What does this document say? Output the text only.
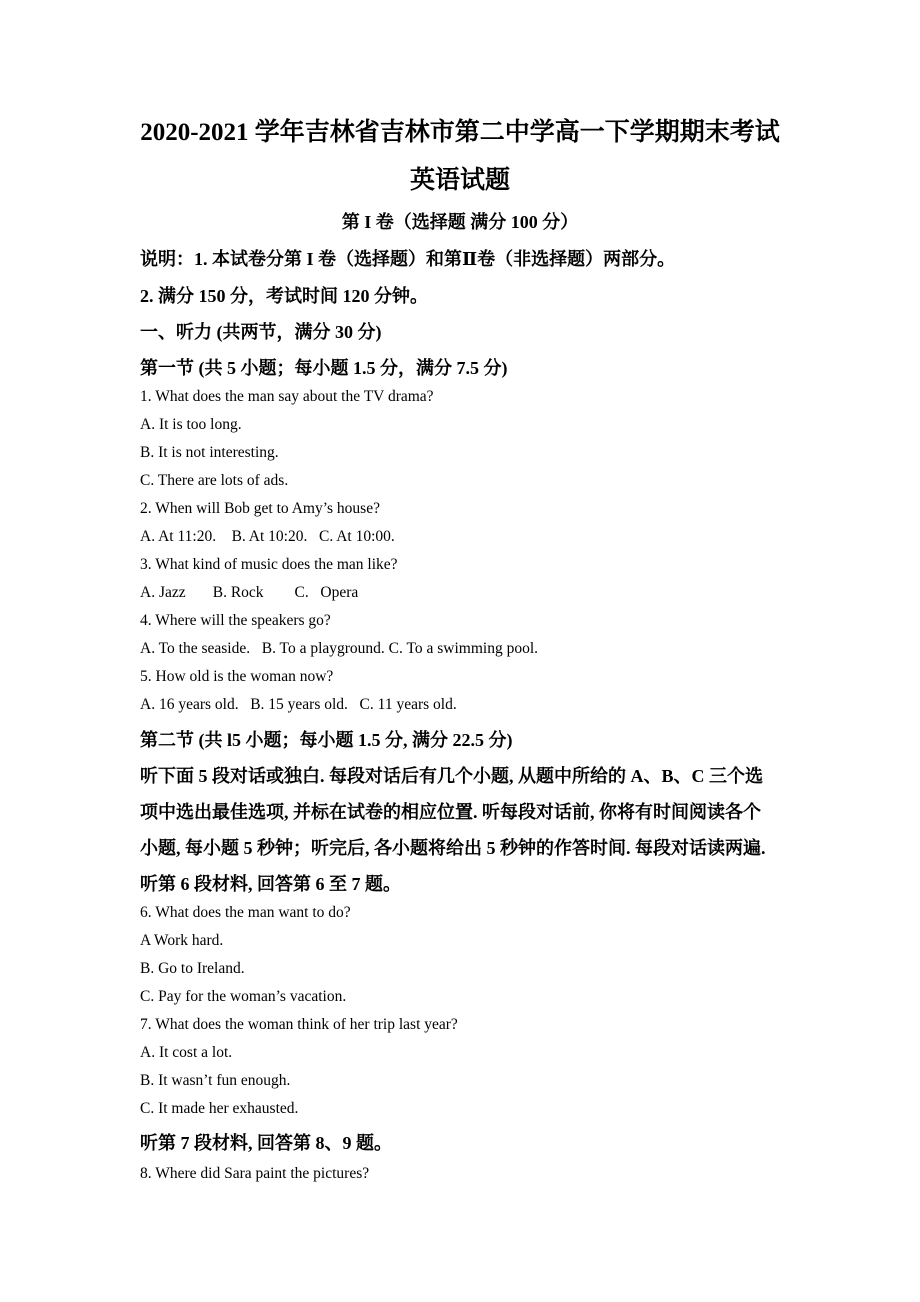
2020-2021 学年吉林省吉林市第二中学高一下学期期末考试
英语试题
第 I 卷（选择题 满分 100 分）
说明：1. 本试卷分第 I 卷（选择题）和第Ⅱ卷（非选择题）两部分。
2. 满分 150 分，考试时间 120 分钟。
一、听力 (共两节，满分 30 分)
第一节 (共 5 小题；每小题 1.5 分，满分 7.5 分)
1. What does the man say about the TV drama?
A. It is too long.
B. It is not interesting.
C. There are lots of ads.
2. When will Bob get to Amy’s house?
A. At 11:20.    B. At 10:20.   C. At 10:00.
3. What kind of music does the man like?
A. Jazz       B. Rock        C.   Opera
4. Where will the speakers go?
A. To the seaside.   B. To a playground. C. To a swimming pool.
5. How old is the woman now?
A. 16 years old.   B. 15 years old.   C. 11 years old.
第二节 (共 l5 小题；每小题 1.5 分, 满分 22.5 分)
听下面 5 段对话或独白. 每段对话后有几个小题, 从题中所给的 A、B、C 三个选
项中选出最佳选项, 并标在试卷的相应位置. 听每段对话前, 你将有时间阅读各个
小题, 每小题 5 秒钟；听完后, 各小题将给出 5 秒钟的作答时间. 每段对话读两遍.
听第 6 段材料, 回答第 6 至 7 题。
6. What does the man want to do?
A Work hard.
B. Go to Ireland.
C. Pay for the woman’s vacation.
7. What does the woman think of her trip last year?
A. It cost a lot.
B. It wasn’t fun enough.
C. It made her exhausted.
听第 7 段材料, 回答第 8、9 题。
8. Where did Sara paint the pictures?
